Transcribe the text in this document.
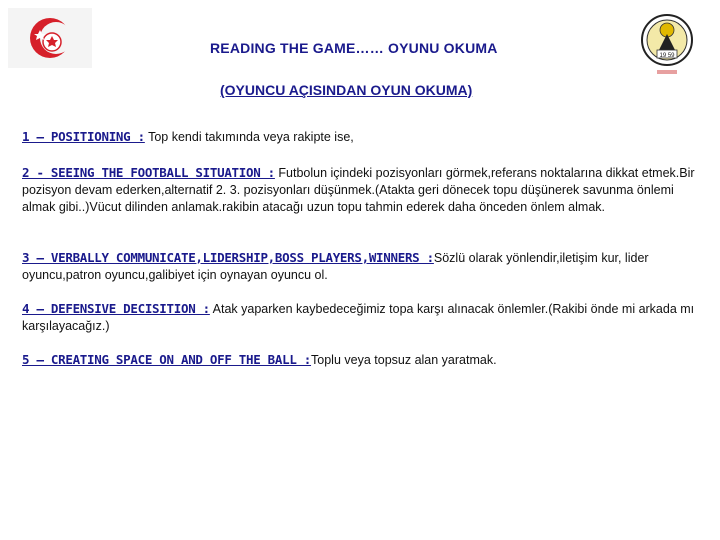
19 59
READING THE GAME…… OYUNU OKUMA
(OYUNCU AÇISINDAN OYUN OKUMA)
1 – POSITIONING : Top kendi takımında veya rakipte ise,
2 - SEEING THE FOOTBALL SITUATION : Futbolun içindeki pozisyonları görmek,referans noktalarına dikkat etmek.Bir pozisyon devam ederken,alternatif 2. 3. pozisyonları düşünmek.(Atakta geri dönecek topu düşünerek savunma önlemi almak gibi..)Vücut dilinden anlamak.rakibin atacağı uzun topu tahmin ederek daha önceden önlem almak.
3 – VERBALLY COMMUNICATE,LIDERSHIP,BOSS PLAYERS,WINNERS :Sözlü olarak yönlendir,iletişim kur, lider oyuncu,patron oyuncu,galibiyet için oynayan oyuncu ol.
4 – DEFENSIVE DECISITION : Atak yaparken kaybedeceğimiz topa karşı alınacak önlemler.(Rakibi önde mi arkada mı karşılayacağız.)
5 – CREATING SPACE ON AND OFF THE BALL :Toplu veya topsuz alan yaratmak.
